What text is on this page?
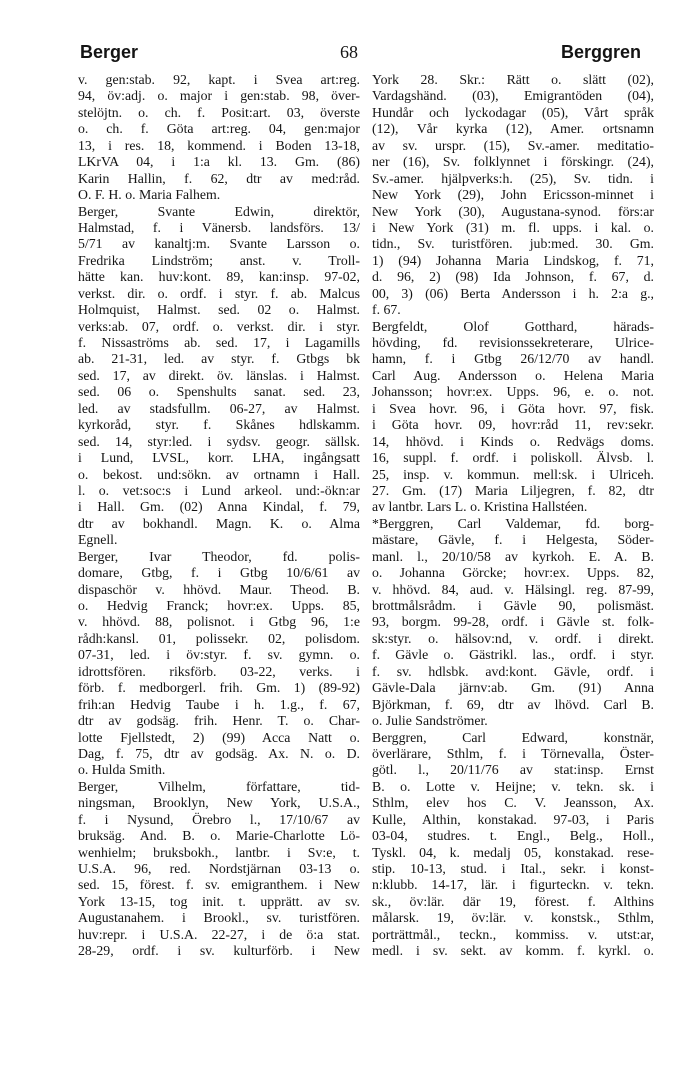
Berger	68	Berggren
v. gen:stab. 92, kapt. i Svea art:reg.
94, öv:adj. o. major i gen:stab. 98, över-
stelöjtn. o. ch. f. Posit:art. 03, överste
o. ch. f. Göta art:reg. 04, gen:major
13, i res. 18, kommend. i Boden 13-18,
LKrVA 04, i 1:a kl. 13. Gm. (86)
Karin Hallin, f. 62, dtr av med:råd.
O. F. H. o. Maria Falhem.
Berger, Svante Edwin, direktör,
Halmstad, f. i Vänersb. landsförs. 13/
5/71 av kanaltj:m. Svante Larsson o.
Fredrika Lindström; anst. v. Troll-
hätte kan. huv:kont. 89, kan:insp. 97-02,
verkst. dir. o. ordf. i styr. f. ab. Malcus
Holmquist, Halmst. sed. 02 o. Halmst.
verks:ab. 07, ordf. o. verkst. dir. i styr.
f. Nissaströms ab. sed. 17, i Lagamills
ab. 21-31, led. av styr. f. Gtbgs bk
sed. 17, av direkt. öv. länslas. i Halmst.
sed. 06 o. Spenshults sanat. sed. 23,
led. av stadsfullm. 06-27, av Halmst.
kyrkoråd, styr. f. Skånes hdlskamm.
sed. 14, styr:led. i sydsv. geogr. sällsk.
i Lund, LVSL, korr. LHA, ingångsatt
o. bekost. und:sökn. av ortnamn i Hall.
l. o. vet:soc:s i Lund arkeol. und:-ökn:ar
i Hall. Gm. (02) Anna Kindal, f. 79,
dtr av bokhandl. Magn. K. o. Alma
Egnell.
Berger, Ivar Theodor, fd. polis-
domare, Gtbg, f. i Gtbg 10/6/61 av
dispaschör v. hhövd. Maur. Theod. B.
o. Hedvig Franck; hovr:ex. Upps. 85,
v. hhövd. 88, polisnot. i Gtbg 96, 1:e
rådh:kansl. 01, polissekr. 02, polisdom.
07-31, led. i öv:styr. f. sv. gymn. o.
idrottsfören. riksförb. 03-22, verks. i
förb. f. medborgerl. frih. Gm. 1) (89-92)
frih:an Hedvig Taube i h. 1.g., f. 67,
dtr av godsäg. frih. Henr. T. o. Char-
lotte Fjellstedt, 2) (99) Acca Natt o.
Dag, f. 75, dtr av godsäg. Ax. N. o. D.
o. Hulda Smith.
Berger, Vilhelm, författare, tid-
ningsman, Brooklyn, New York, U.S.A.,
f. i Nysund, Örebro l., 17/10/67 av
bruksäg. And. B. o. Marie-Charlotte Lö-
wenhielm; bruksbokh., lantbr. i Sv:e, t.
U.S.A. 96, red. Nordstjärnan 03-13 o.
sed. 15, förest. f. sv. emigranthem. i New
York 13-15, tog init. t. upprätt. av sv.
Augustanahem. i Brookl., sv. turistfören.
huv:repr. i U.S.A. 22-27, i de ö:a stat.
28-29, ordf. i sv. kulturförb. i New
York 28. Skr.: Rätt o. slätt (02),
Vardagshänd. (03), Emigrantöden (04),
Hundår och lyckodagar (05), Vårt språk
(12), Vår kyrka (12), Amer. ortsnamn
av sv. urspr. (15), Sv.-amer. meditatio-
ner (16), Sv. folklynnet i förskingr. (24),
Sv.-amer. hjälpverks:h. (25), Sv. tidn. i
New York (29), John Ericsson-minnet i
New York (30), Augustana-synod. förs:ar
i New York (31) m. fl. upps. i kal. o.
tidn., Sv. turistfören. jub:med. 30. Gm.
1) (94) Johanna Maria Lindskog, f. 71,
d. 96, 2) (98) Ida Johnson, f. 67, d.
00, 3) (06) Berta Andersson i h. 2:a g.,
f. 67.
Bergfeldt, Olof Gotthard, härads-
hövding, fd. revisionssekreterare, Ulrice-
hamn, f. i Gtbg 26/12/70 av handl.
Carl Aug. Andersson o. Helena Maria
Johansson; hovr:ex. Upps. 96, e. o. not.
i Svea hovr. 96, i Göta hovr. 97, fisk.
i Göta hovr. 09, hovr:råd 11, rev:sekr.
14, hhövd. i Kinds o. Redvägs doms.
16, suppl. f. ordf. i poliskoll. Älvsb. l.
25, insp. v. kommun. mell:sk. i Ulriceh.
27. Gm. (17) Maria Liljegren, f. 82, dtr
av lantbr. Lars L. o. Kristina Hallstéen.
*Berggren, Carl Valdemar, fd. borg-
mästare, Gävle, f. i Helgesta, Söder-
manl. l., 20/10/58 av kyrkoh. E. A. B.
o. Johanna Görcke; hovr:ex. Upps. 82,
v. hhövd. 84, aud. v. Hälsingl. reg. 87-99,
brottmålsrådm. i Gävle 90, polismäst.
93, borgm. 99-28, ordf. i Gävle st. folk-
sk:styr. o. hälsov:nd, v. ordf. i direkt.
f. Gävle o. Gästrikl. las., ordf. i styr.
f. sv. hdlsbk. avd:kont. Gävle, ordf. i
Gävle-Dala järnv:ab. Gm. (91) Anna
Björkman, f. 69, dtr av lhövd. Carl B.
o. Julie Sandströmer.
Berggren, Carl Edward, konstnär,
överlärare, Sthlm, f. i Törnevalla, Öster-
götl. l., 20/11/76 av stat:insp. Ernst
B. o. Lotte v. Heijne; v. tekn. sk. i
Sthlm, elev hos C. V. Jeansson, Ax.
Kulle, Althin, konstakad. 97-03, i Paris
03-04, studres. t. Engl., Belg., Holl.,
Tyskl. 04, k. medalj 05, konstakad. rese-
stip. 10-13, stud. i Ital., sekr. i konst-
n:klubb. 14-17, lär. i figurteckn. v. tekn.
sk., öv:lär. där 19, förest. f. Althins
målarsk. 19, öv:lär. v. konstsk., Sthlm,
porträttmål., teckn., kommiss. v. utst:ar,
medl. i sv. sekt. av komm. f. kyrkl. o.
